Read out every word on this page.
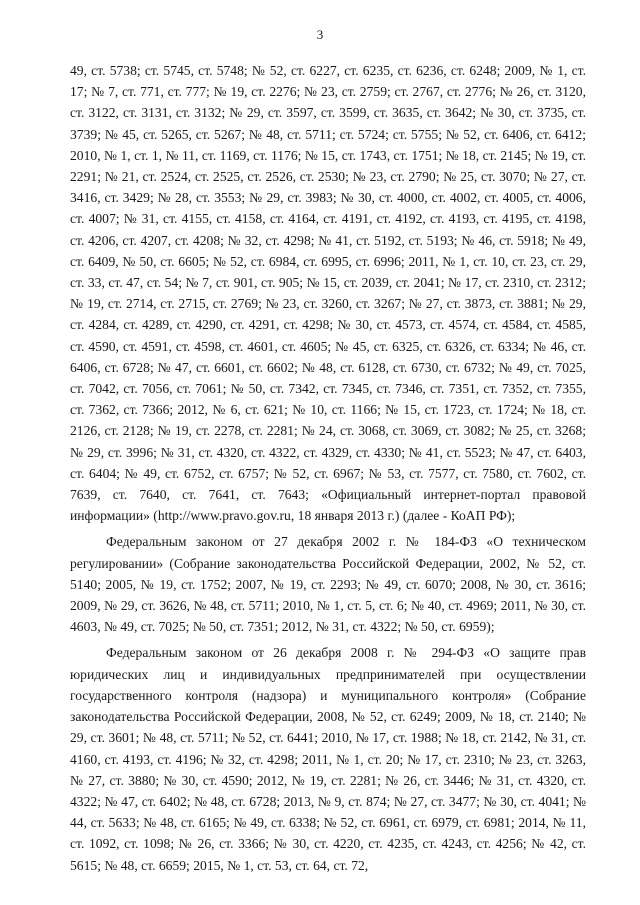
3

49, ст. 5738; ст. 5745, ст. 5748; № 52, ст. 6227, ст. 6235, ст. 6236, ст. 6248; 2009, № 1, ст. 17; № 7, ст. 771, ст. 777; № 19, ст. 2276; № 23, ст. 2759; ст. 2767, ст. 2776; № 26, ст. 3120, ст. 3122, ст. 3131, ст. 3132; № 29, ст. 3597, ст. 3599, ст. 3635, ст. 3642; № 30, ст. 3735, ст. 3739; № 45, ст. 5265, ст. 5267; № 48, ст. 5711; ст. 5724; ст. 5755; № 52, ст. 6406, ст. 6412; 2010, № 1, ст. 1, № 11, ст. 1169, ст. 1176; № 15, ст. 1743, ст. 1751; № 18, ст. 2145; № 19, ст. 2291; № 21, ст. 2524, ст. 2525, ст. 2526, ст. 2530; № 23, ст. 2790; № 25, ст. 3070; № 27, ст. 3416, ст. 3429; № 28, ст. 3553; № 29, ст. 3983; № 30, ст. 4000, ст. 4002, ст. 4005, ст. 4006, ст. 4007; № 31, ст. 4155, ст. 4158, ст. 4164, ст. 4191, ст. 4192, ст. 4193, ст. 4195, ст. 4198, ст. 4206, ст. 4207, ст. 4208; № 32, ст. 4298; № 41, ст. 5192, ст. 5193; № 46, ст. 5918; № 49, ст. 6409, № 50, ст. 6605; № 52, ст. 6984, ст. 6995, ст. 6996; 2011, № 1, ст. 10, ст. 23, ст. 29, ст. 33, ст. 47, ст. 54; № 7, ст. 901, ст. 905; № 15, ст. 2039, ст. 2041; № 17, ст. 2310, ст. 2312; № 19, ст. 2714, ст. 2715, ст. 2769; № 23, ст. 3260, ст. 3267; № 27, ст. 3873, ст. 3881; № 29, ст. 4284, ст. 4289, ст. 4290, ст. 4291, ст. 4298; № 30, ст. 4573, ст. 4574, ст. 4584, ст. 4585, ст. 4590, ст. 4591, ст. 4598, ст. 4601, ст. 4605; № 45, ст. 6325, ст. 6326, ст. 6334; № 46, ст. 6406, ст. 6728; № 47, ст. 6601, ст. 6602; № 48, ст. 6128, ст. 6730, ст. 6732; № 49, ст. 7025, ст. 7042, ст. 7056, ст. 7061; № 50, ст. 7342, ст. 7345, ст. 7346, ст. 7351, ст. 7352, ст. 7355, ст. 7362, ст. 7366; 2012, № 6, ст. 621; № 10, ст. 1166; № 15, ст. 1723, ст. 1724; № 18, ст. 2126, ст. 2128; № 19, ст. 2278, ст. 2281; № 24, ст. 3068, ст. 3069, ст. 3082; № 25, ст. 3268; № 29, ст. 3996; № 31, ст. 4320, ст. 4322, ст. 4329, ст. 4330; № 41, ст. 5523; № 47, ст. 6403, ст. 6404; № 49, ст. 6752, ст. 6757; № 52, ст. 6967; № 53, ст. 7577, ст. 7580, ст. 7602, ст. 7639, ст. 7640, ст. 7641, ст. 7643; «Официальный интернет-портал правовой информации» (http://www.pravo.gov.ru, 18 января 2013 г.) (далее - КоАП РФ);

Федеральным законом от 27 декабря 2002 г. № 184-ФЗ «О техническом регулировании» (Собрание законодательства Российской Федерации, 2002, № 52, ст. 5140; 2005, № 19, ст. 1752; 2007, № 19, ст. 2293; № 49, ст. 6070; 2008, № 30, ст. 3616; 2009, № 29, ст. 3626, № 48, ст. 5711; 2010, № 1, ст. 5, ст. 6; № 40, ст. 4969; 2011, № 30, ст. 4603, № 49, ст. 7025; № 50, ст. 7351; 2012, № 31, ст. 4322; № 50, ст. 6959);

Федеральным законом от 26 декабря 2008 г. № 294-ФЗ «О защите прав юридических лиц и индивидуальных предпринимателей при осуществлении государственного контроля (надзора) и муниципального контроля» (Собрание законодательства Российской Федерации, 2008, № 52, ст. 6249; 2009, № 18, ст. 2140; № 29, ст. 3601; № 48, ст. 5711; № 52, ст. 6441; 2010, № 17, ст. 1988; № 18, ст. 2142, № 31, ст. 4160, ст. 4193, ст. 4196; № 32, ст. 4298; 2011, № 1, ст. 20; № 17, ст. 2310; № 23, ст. 3263, № 27, ст. 3880; № 30, ст. 4590; 2012, № 19, ст. 2281; № 26, ст. 3446; № 31, ст. 4320, ст. 4322; № 47, ст. 6402; № 48, ст. 6728; 2013, № 9, ст. 874; № 27, ст. 3477; № 30, ст. 4041; № 44, ст. 5633; № 48, ст. 6165; № 49, ст. 6338; № 52, ст. 6961, ст. 6979, ст. 6981; 2014, № 11, ст. 1092, ст. 1098; № 26, ст. 3366; № 30, ст. 4220, ст. 4235, ст. 4243, ст. 4256; № 42, ст. 5615; № 48, ст. 6659; 2015, № 1, ст. 53, ст. 64, ст. 72,
